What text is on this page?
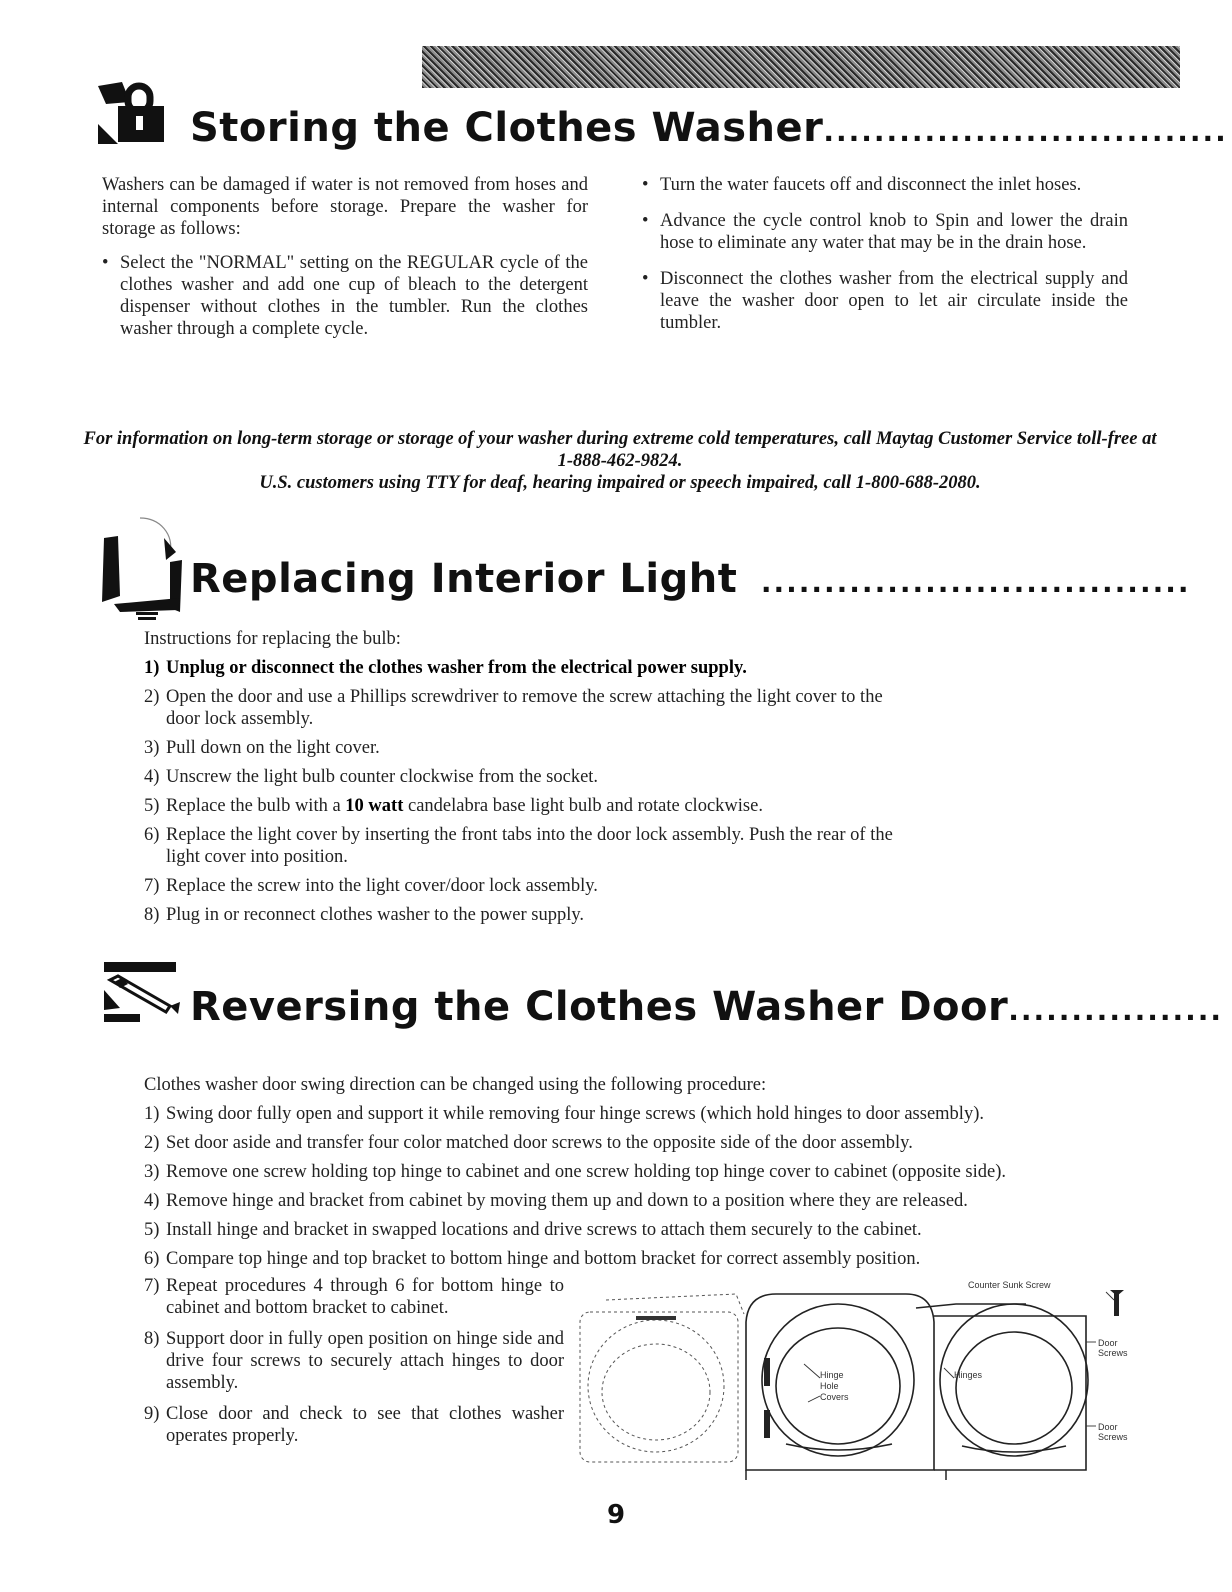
Storing the Clothes Washer................................

Washers can be damaged if water is not removed from hoses and internal components before storage. Prepare the washer for storage as follows:

• Select the "NORMAL" setting on the REGULAR cycle of the clothes washer and add one cup of bleach to the detergent dispenser without clothes in the tumbler. Run the clothes washer through a complete cycle.
• Turn the water faucets off and disconnect the inlet hoses.
• Advance the cycle control knob to Spin and lower the drain hose to eliminate any water that may be in the drain hose.
• Disconnect the clothes washer from the electrical supply and leave the washer door open to let air circulate inside the tumbler.

For information on long-term storage or storage of your washer during extreme cold temperatures, call Maytag Customer Service toll-free at 1-888-462-9824.

U.S. customers using TTY for deaf, hearing impaired or speech impaired, call 1-800-688-2080.

Replacing Interior Light  ..................................

Instructions for replacing the bulb:

1) Unplug or disconnect the clothes washer from the electrical power supply.
2) Open the door and use a Phillips screwdriver to remove the screw attaching the light cover to the door lock assembly.
3) Pull down on the light cover.
4) Unscrew the light bulb counter clockwise from the socket.
5) Replace the bulb with a 10 watt candelabra base light bulb and rotate clockwise.
6) Replace the light cover by inserting the front tabs into the door lock assembly. Push the rear of the light cover into position.
7) Replace the screw into the light cover/door lock assembly.
8) Plug in or reconnect clothes washer to the power supply.
Reversing the Clothes Washer Door.................

Clothes washer door swing direction can be changed using the following procedure:

1) Swing door fully open and support it while removing four hinge screws (which hold hinges to door assembly).
2) Set door aside and transfer four color matched door screws to the opposite side of the door assembly.
3) Remove one screw holding top hinge to cabinet and one screw holding top hinge cover to cabinet (opposite side).
4) Remove hinge and bracket from cabinet by moving them up and down to a position where they are released.
5) Install hinge and bracket in swapped locations and drive screws to attach them securely to the cabinet.
6) Compare top hinge and top bracket to bottom hinge and bottom bracket for correct assembly position.
7) Repeat procedures 4 through 6 for bottom hinge to cabinet and bottom bracket to cabinet.
8) Support door in fully open position on hinge side and drive four screws to securely attach hinges to door assembly.
9) Close door and check to see that clothes washer operates properly.
Counter Sunk Screw
Hinge
Hole
Covers
Hinges
Door
Screws
Door
Screws
9
